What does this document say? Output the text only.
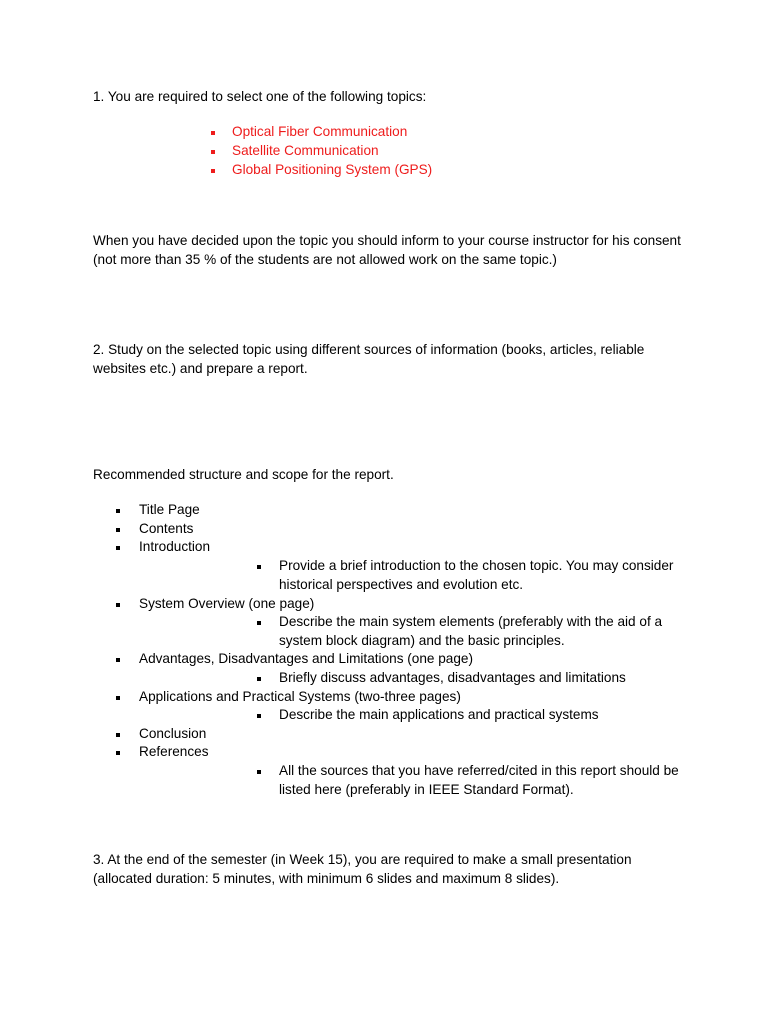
1. You are required to select one of the following topics:

Optical Fiber Communication
Satellite Communication
Global Positioning System (GPS)

When you have decided upon the topic you should inform to your course instructor for his consent (not more than 35 % of the students are not allowed work on the same topic.)

2. Study on the selected topic using different sources of information (books, articles, reliable websites etc.) and prepare a report.

Recommended structure and scope for the report.

Title Page
Contents
Introduction
Provide a brief introduction to the chosen topic. You may consider historical perspectives and evolution etc.
System Overview (one page)
Describe the main system elements (preferably with the aid of a system block diagram) and the basic principles.
Advantages, Disadvantages and Limitations (one page)
Briefly discuss advantages, disadvantages and limitations
Applications and Practical Systems (two-three pages)
Describe the main applications and practical systems
Conclusion
References
All the sources that you have referred/cited in this report should be listed here (preferably in IEEE Standard Format).

3. At the end of the semester (in Week 15), you are required to make a small presentation (allocated duration: 5 minutes, with minimum 6 slides and maximum 8 slides).
